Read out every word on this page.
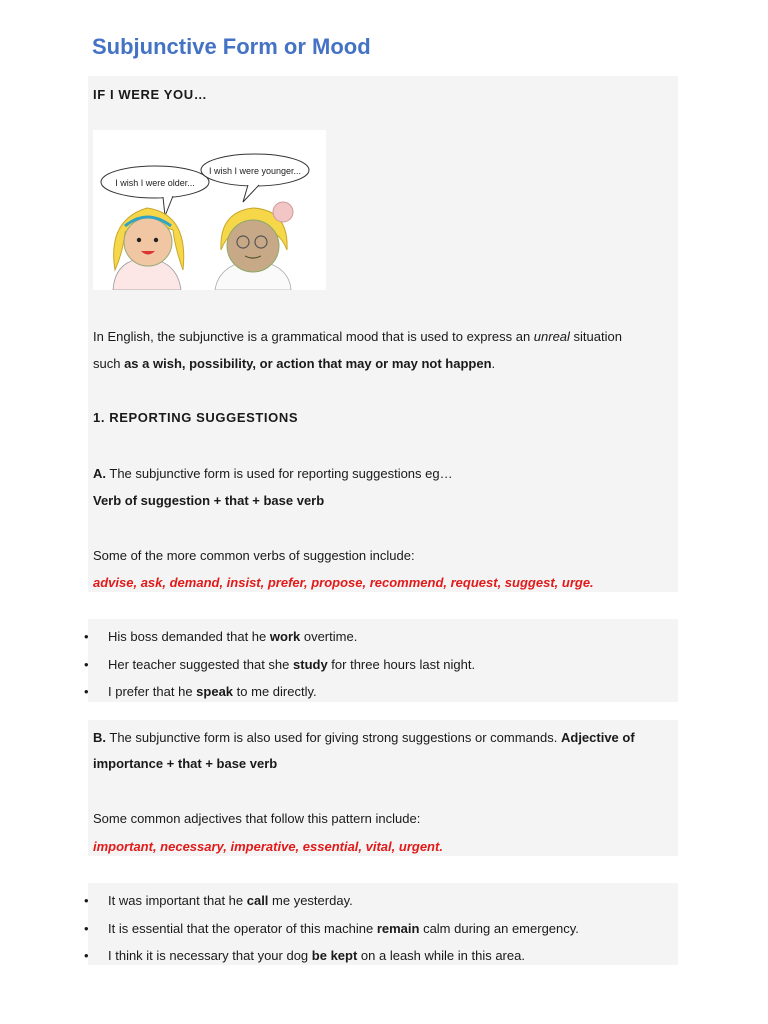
Subjunctive Form or Mood
IF I WERE YOU…
I wish I were older...
I wish I were younger...
In English, the subjunctive is a grammatical mood that is used to express an unreal situation
such as a wish, possibility, or action that may or may not happen.
1. REPORTING SUGGESTIONS
A. The subjunctive form is used for reporting suggestions eg…
Verb of suggestion + that + base verb
Some of the more common verbs of suggestion include:
advise, ask, demand, insist, prefer, propose, recommend, request, suggest, urge.
• His boss demanded that he work overtime.
• Her teacher suggested that she study for three hours last night.
• I prefer that he speak to me directly.
B. The subjunctive form is also used for giving strong suggestions or commands. Adjective of
importance + that + base verb
Some common adjectives that follow this pattern include:
important, necessary, imperative, essential, vital, urgent.
• It was important that he call me yesterday.
• It is essential that the operator of this machine remain calm during an emergency.
• I think it is necessary that your dog be kept on a leash while in this area.
